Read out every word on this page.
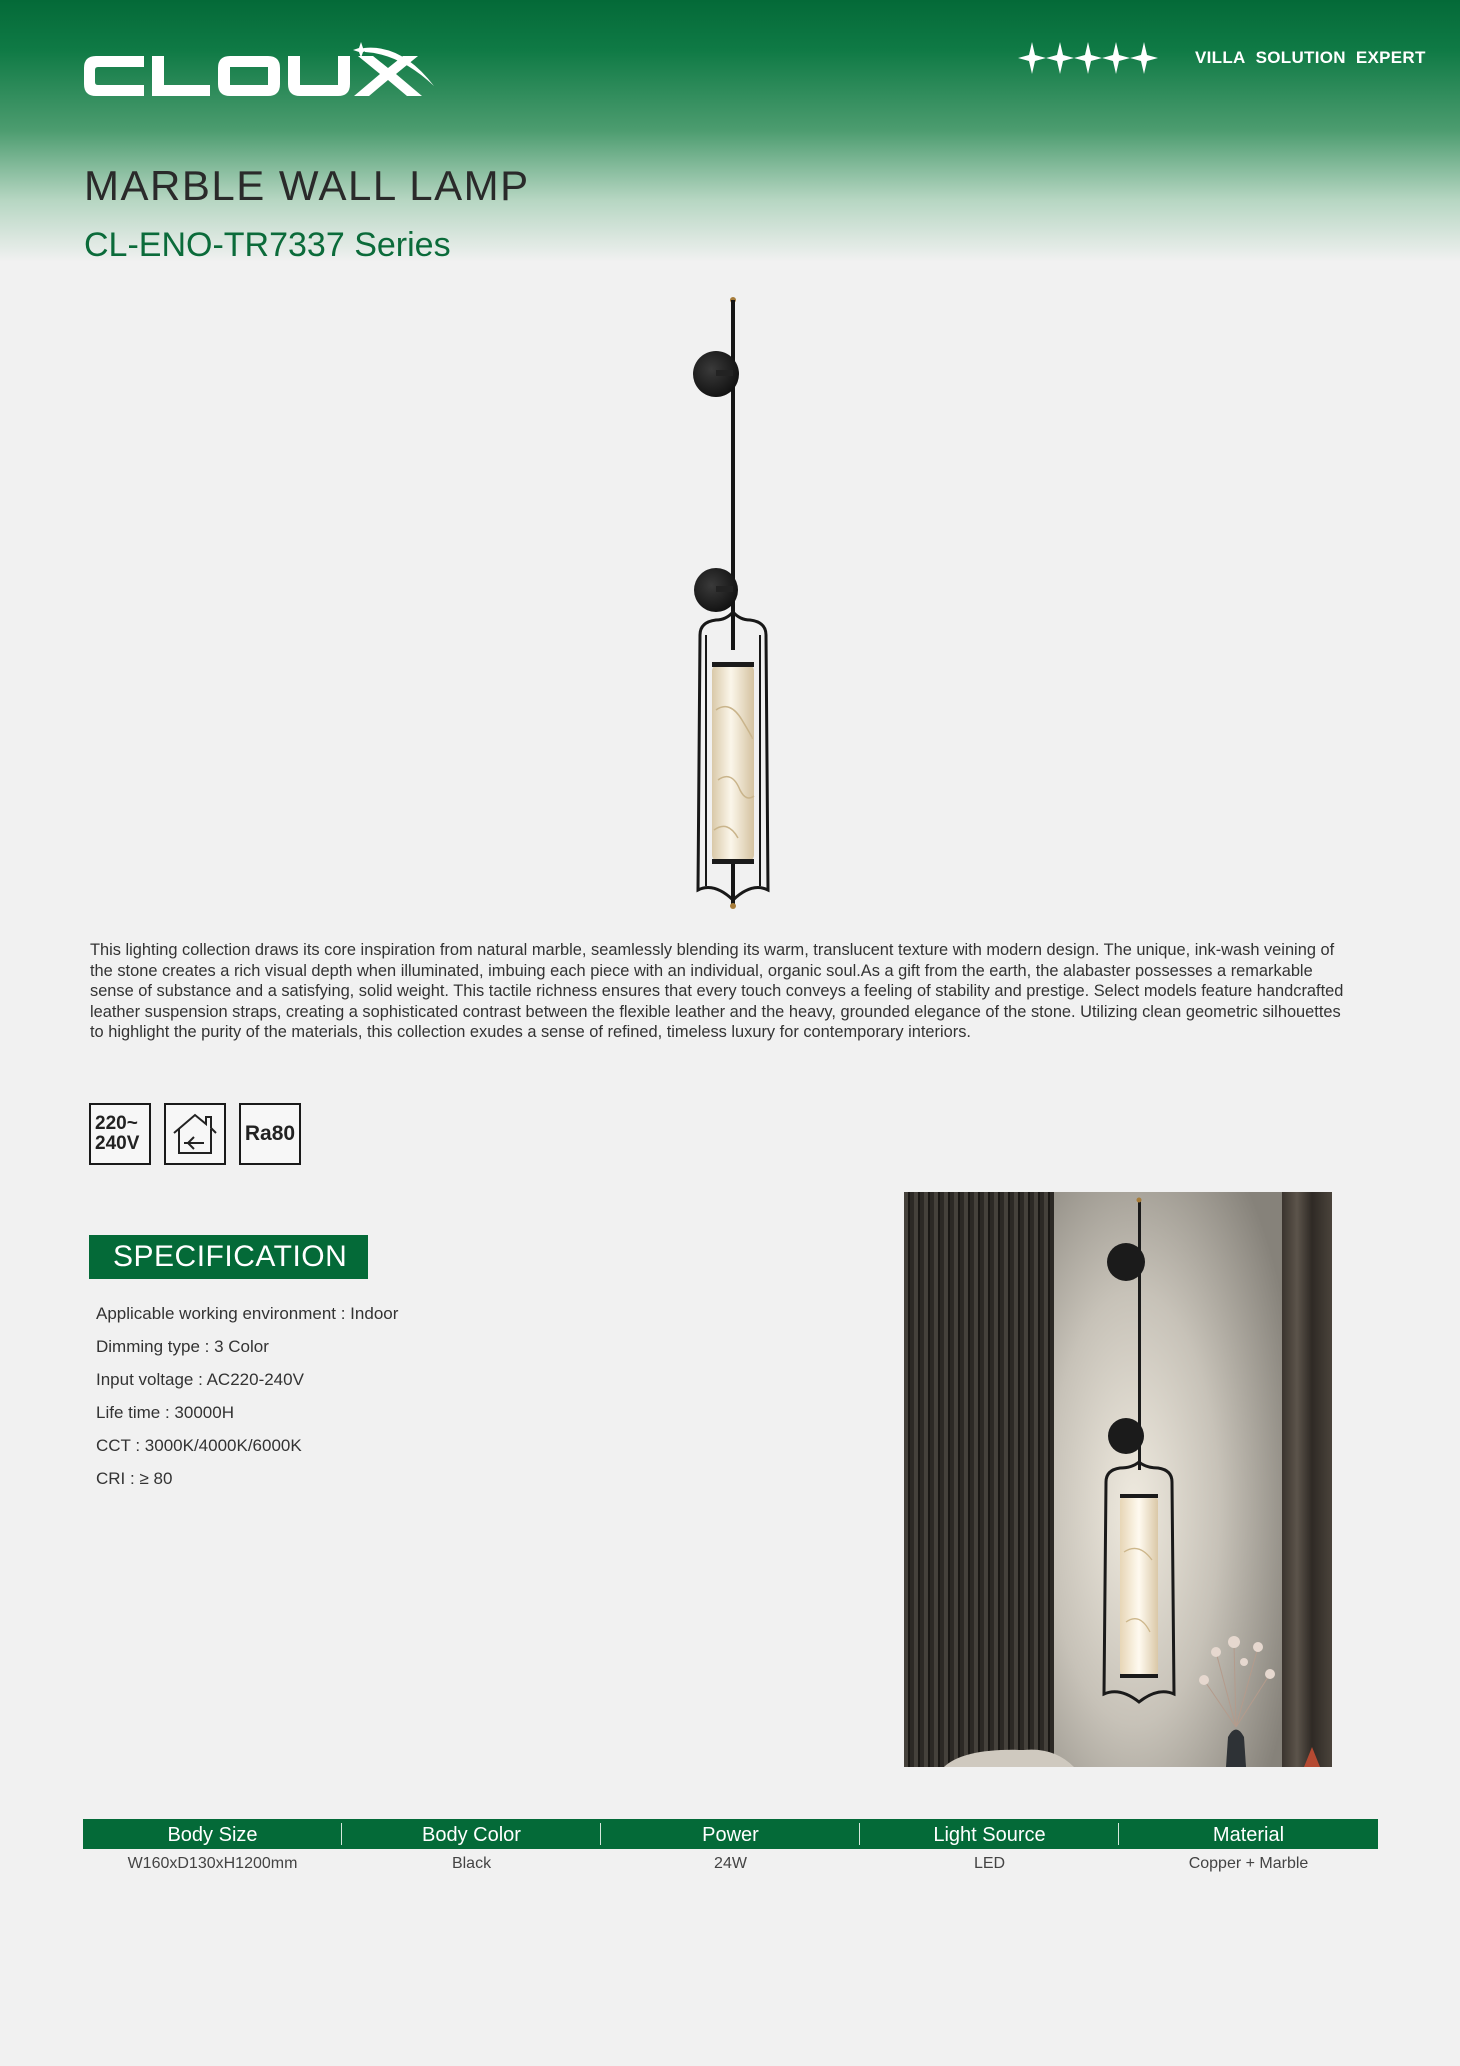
VILLA SOLUTION EXPERT
MARBLE WALL LAMP
CL-ENO-TR7337 Series

This lighting collection draws its core inspiration from natural marble, seamlessly blending its warm, translucent texture with modern design. The unique, ink-wash veining of the stone creates a rich visual depth when illuminated, imbuing each piece with an individual, organic soul.As a gift from the earth, the alabaster possesses a remarkable sense of substance and a satisfying, solid weight. This tactile richness ensures that every touch conveys a feeling of stability and prestige. Select models feature handcrafted leather suspension straps, creating a sophisticated contrast between the flexible leather and the heavy, grounded elegance of the stone. Utilizing clean geometric silhouettes to highlight the purity of the materials, this collection exudes a sense of refined, timeless luxury for contemporary interiors.

220~
240V	Ra80
SPECIFICATION
Applicable working environment : Indoor
Dimming type : 3 Color
Input voltage : AC220-240V
Life time : 30000H
CCT : 3000K/4000K/6000K
CRI : ≥ 80
Body Size	Body Color	Power	Light Source	Material
W160xD130xH1200mm	Black	24W	LED	Copper + Marble
